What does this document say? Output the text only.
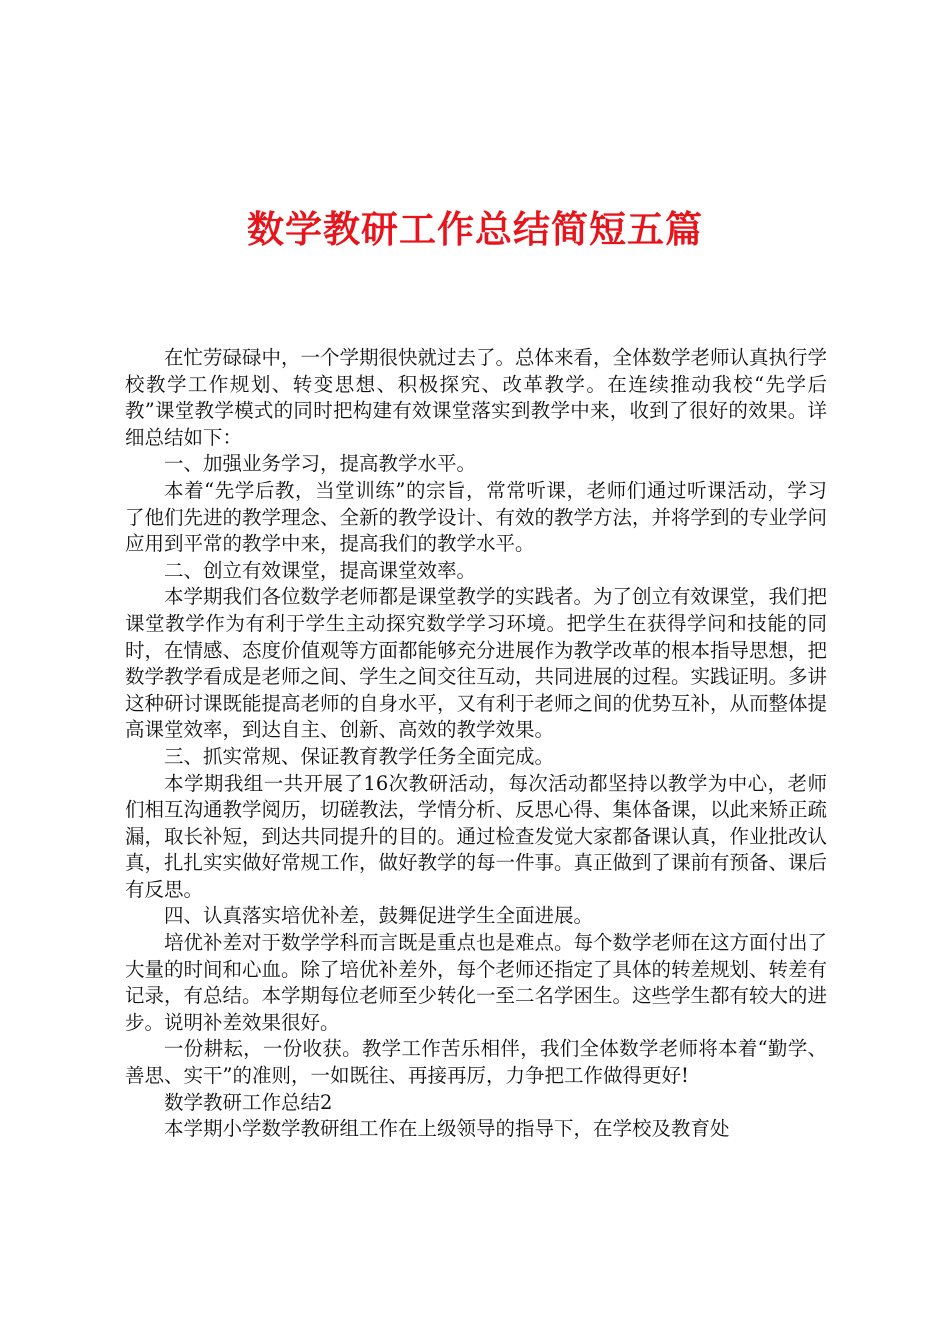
数学教研工作总结简短五篇

在忙劳碌碌中，一个学期很快就过去了。总体来看，全体数学老师认真执行学校教学工作规划、转变思想、积极探究、改革教学。在连续推动我校“先学后教”课堂教学模式的同时把构建有效课堂落实到教学中来，收到了很好的效果。详细总结如下：

一、加强业务学习，提高教学水平。

本着“先学后教，当堂训练”的宗旨，常常听课，老师们通过听课活动，学习了他们先进的教学理念、全新的教学设计、有效的教学方法，并将学到的专业学问应用到平常的教学中来，提高我们的教学水平。

二、创立有效课堂，提高课堂效率。

本学期我们各位数学老师都是课堂教学的实践者。为了创立有效课堂，我们把课堂教学作为有利于学生主动探究数学学习环境。把学生在获得学问和技能的同时，在情感、态度价值观等方面都能够充分进展作为教学改革的根本指导思想，把数学教学看成是老师之间、学生之间交往互动，共同进展的过程。实践证明。多讲这种研讨课既能提高老师的自身水平，又有利于老师之间的优势互补，从而整体提高课堂效率，到达自主、创新、高效的教学效果。

三、抓实常规、保证教育教学任务全面完成。

本学期我组一共开展了16次教研活动，每次活动都坚持以教学为中心，老师们相互沟通教学阅历，切磋教法，学情分析、反思心得、集体备课，以此来矫正疏漏，取长补短，到达共同提升的目的。通过检查发觉大家都备课认真，作业批改认真，扎扎实实做好常规工作，做好教学的每一件事。真正做到了课前有预备、课后有反思。

四、认真落实培优补差，鼓舞促进学生全面进展。

培优补差对于数学学科而言既是重点也是难点。每个数学老师在这方面付出了大量的时间和心血。除了培优补差外，每个老师还指定了具体的转差规划、转差有记录，有总结。本学期每位老师至少转化一至二名学困生。这些学生都有较大的进步。说明补差效果很好。

一份耕耘，一份收获。教学工作苦乐相伴，我们全体数学老师将本着“勤学、善思、实干”的准则，一如既往、再接再厉，力争把工作做得更好!

数学教研工作总结2

本学期小学数学教研组工作在上级领导的指导下，在学校及教育处
